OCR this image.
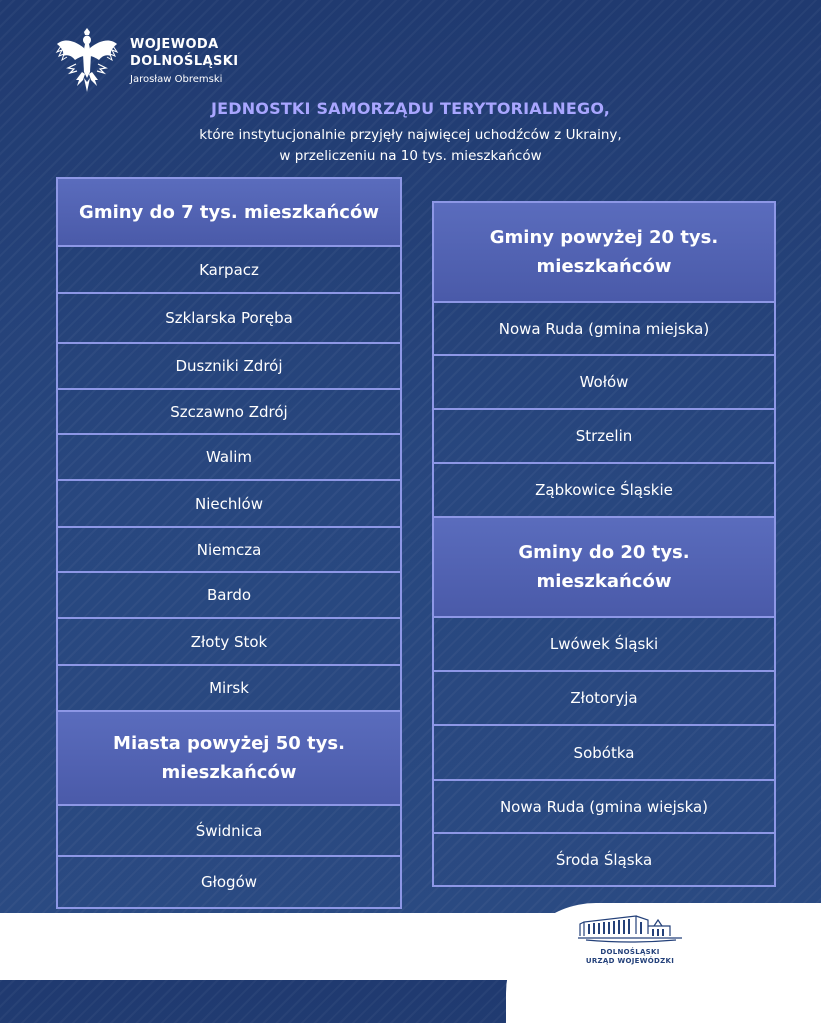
WOJEWODA
DOLNOŚLĄSKI
Jarosław Obremski
JEDNOSTKI SAMORZĄDU TERYTORIALNEGO,
które instytucjonalnie przyjęły najwięcej uchodźców z Ukrainy,
w przeliczeniu na 10 tys. mieszkańców
Gminy do 7 tys. mieszkańców
Karpacz
Szklarska Poręba
Duszniki Zdrój
Szczawno Zdrój
Walim
Niechlów
Niemcza
Bardo
Złoty Stok
Mirsk
Miasta powyżej 50 tys.
mieszkańców
Świdnica
Głogów
Gminy powyżej 20 tys.
mieszkańców
Nowa Ruda (gmina miejska)
Wołów
Strzelin
Ząbkowice Śląskie
Gminy do 20 tys.
mieszkańców
Lwówek Śląski
Złotoryja
Sobótka
Nowa Ruda (gmina wiejska)
Środa Śląska
DOLNOŚLĄSKI
URZĄD WOJEWÓDZKI
